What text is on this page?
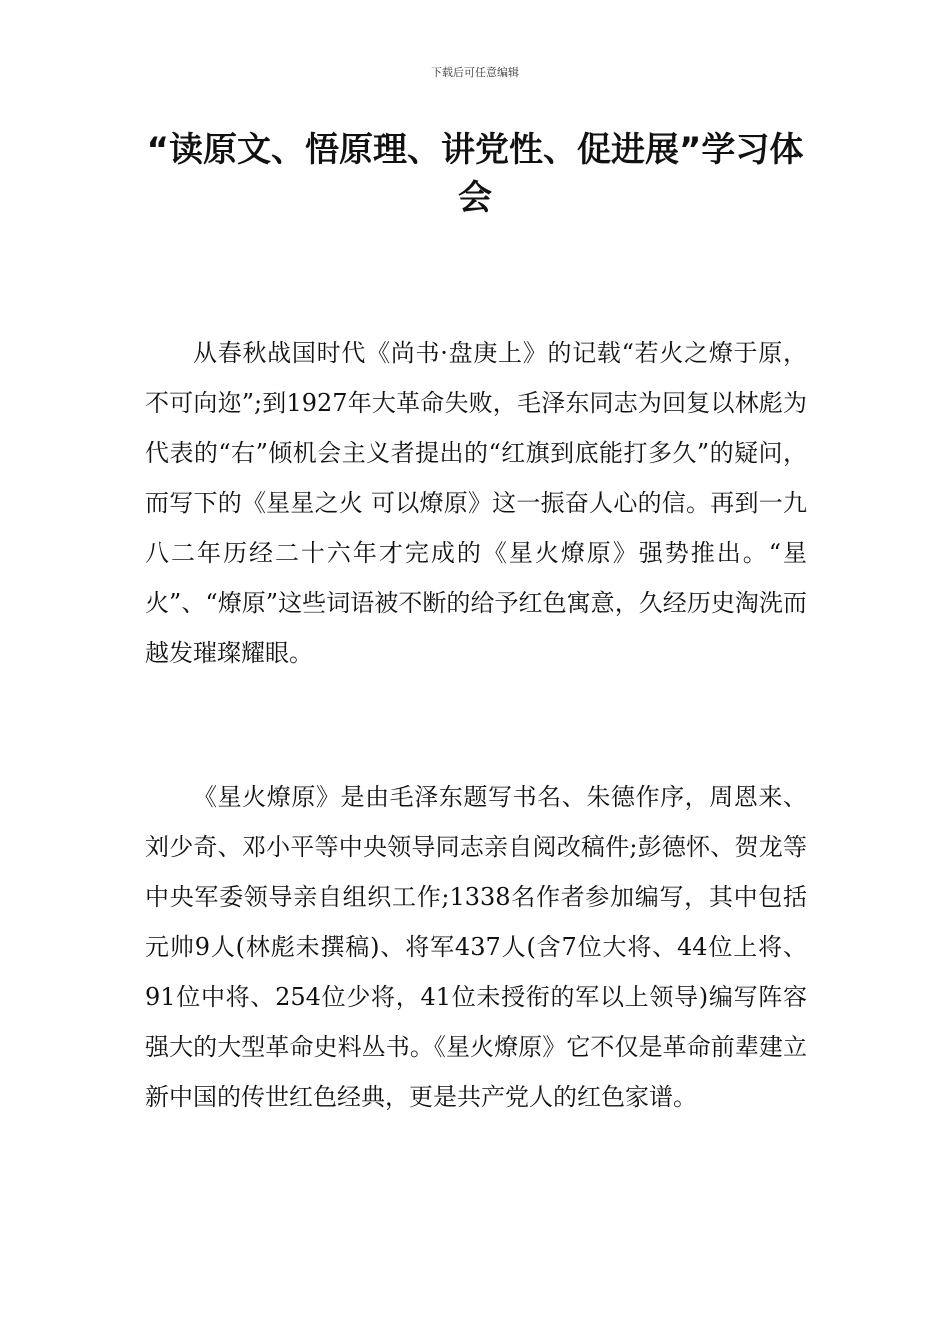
下载后可任意编辑
“读原文、悟原理、讲党性、促进展”学习体会

从春秋战国时代《尚书·盘庚上》的记载“若火之燎于原，不可向迩”;到1927年大革命失败，毛泽东同志为回复以林彪为代表的“右”倾机会主义者提出的“红旗到底能打多久”的疑问，而写下的《星星之火 可以燎原》这一振奋人心的信。再到一九八二年历经二十六年才完成的《星火燎原》强势推出。“星火”、“燎原”这些词语被不断的给予红色寓意，久经历史淘洗而越发璀璨耀眼。

《星火燎原》是由毛泽东题写书名、朱德作序，周恩来、刘少奇、邓小平等中央领导同志亲自阅改稿件;彭德怀、贺龙等中央军委领导亲自组织工作;1338名作者参加编写，其中包括元帅9人(林彪未撰稿)、将军437人(含7位大将、44位上将、91位中将、254位少将，41位未授衔的军以上领导)编写阵容强大的大型革命史料丛书。《星火燎原》它不仅是革命前辈建立新中国的传世红色经典，更是共产党人的红色家谱。
